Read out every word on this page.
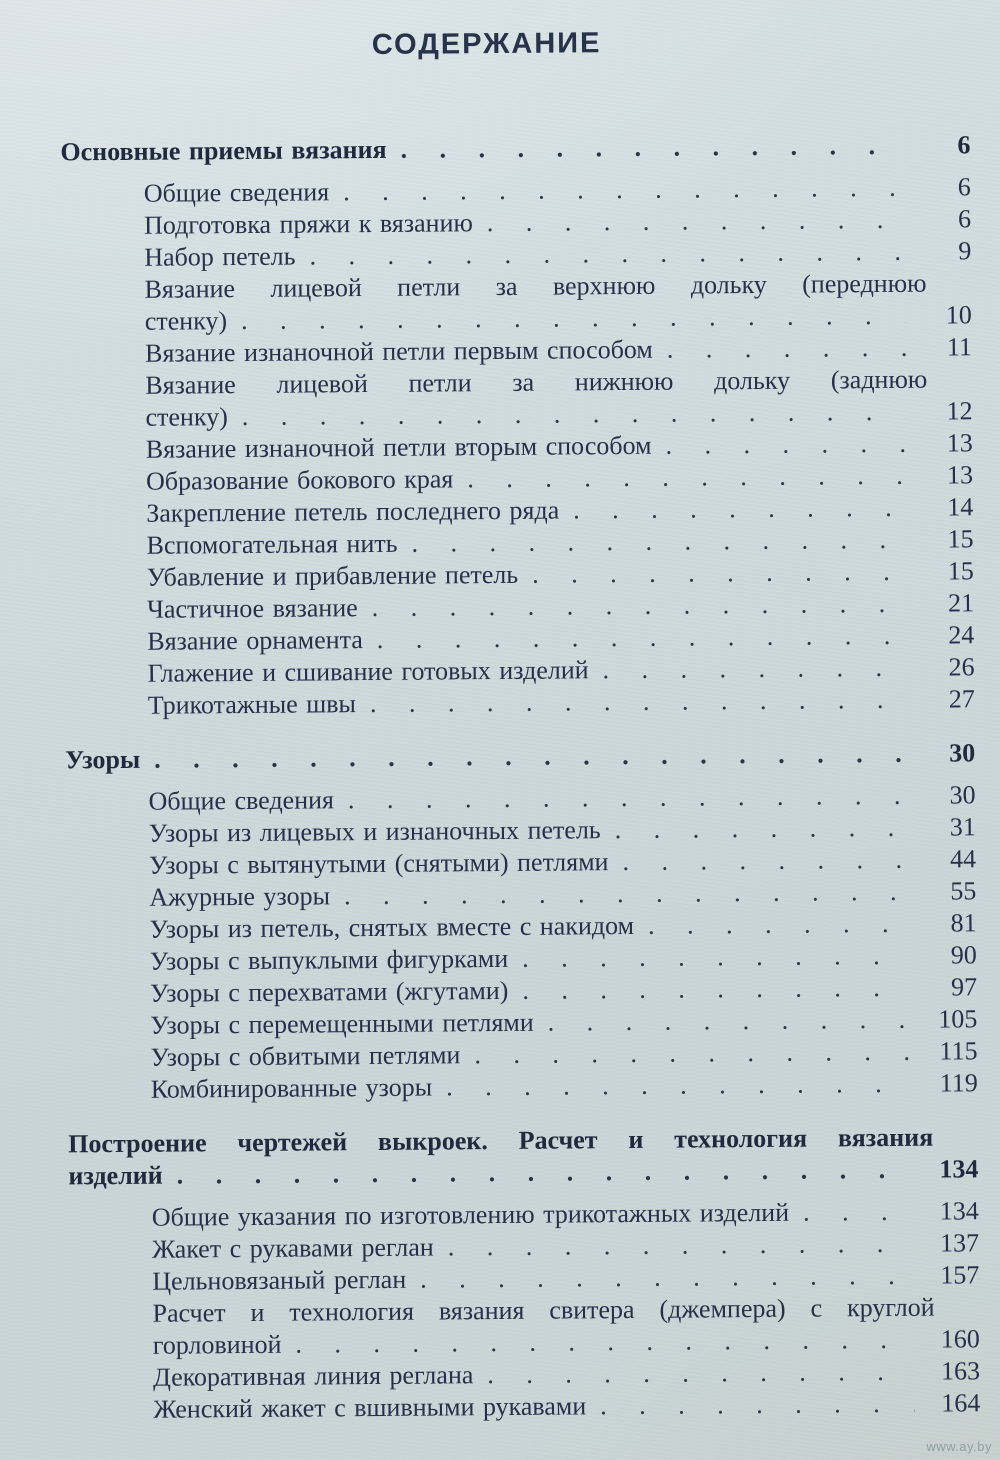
СОДЕРЖАНИЕ
Основные приемы вязания . . .	6
Общие сведения . . .	6
Подготовка пряжи к вязанию . . .	6
Набор петель . . .	9
Вязание лицевой петли за верхнюю дольку (переднюю
стенку) . . .	10
Вязание изнаночной петли первым способом . . .	11
Вязание лицевой петли за нижнюю дольку (заднюю
стенку) . . .	12
Вязание изнаночной петли вторым способом . . .	13
Образование бокового края . . .	13
Закрепление петель последнего ряда . . .	14
Вспомогательная нить . . .	15
Убавление и прибавление петель . . .	15
Частичное вязание . . .	21
Вязание орнамента . . .	24
Глажение и сшивание готовых изделий . . .	26
Трикотажные швы . . .	27
Узоры . . .	30
Общие сведения . . .	30
Узоры из лицевых и изнаночных петель . . .	31
Узоры с вытянутыми (снятыми) петлями . . .	44
Ажурные узоры . . .	55
Узоры из петель, снятых вместе с накидом . . .	81
Узоры с выпуклыми фигурками . . .	90
Узоры с перехватами (жгутами) . . .	97
Узоры с перемещенными петлями . . .	105
Узоры с обвитыми петлями . . .	115
Комбинированные узоры . . .	119
Построение чертежей выкроек. Расчет и технология вязания
изделий . . .	134
Общие указания по изготовлению трикотажных изделий . . .	134
Жакет с рукавами реглан . . .	137
Цельновязаный реглан . . .	157
Расчет и технология вязания свитера (джемпера) с круглой
горловиной . . .	160
Декоративная линия реглана . . .	163
Женский жакет с вшивными рукавами . . .	164
www.ay.by
